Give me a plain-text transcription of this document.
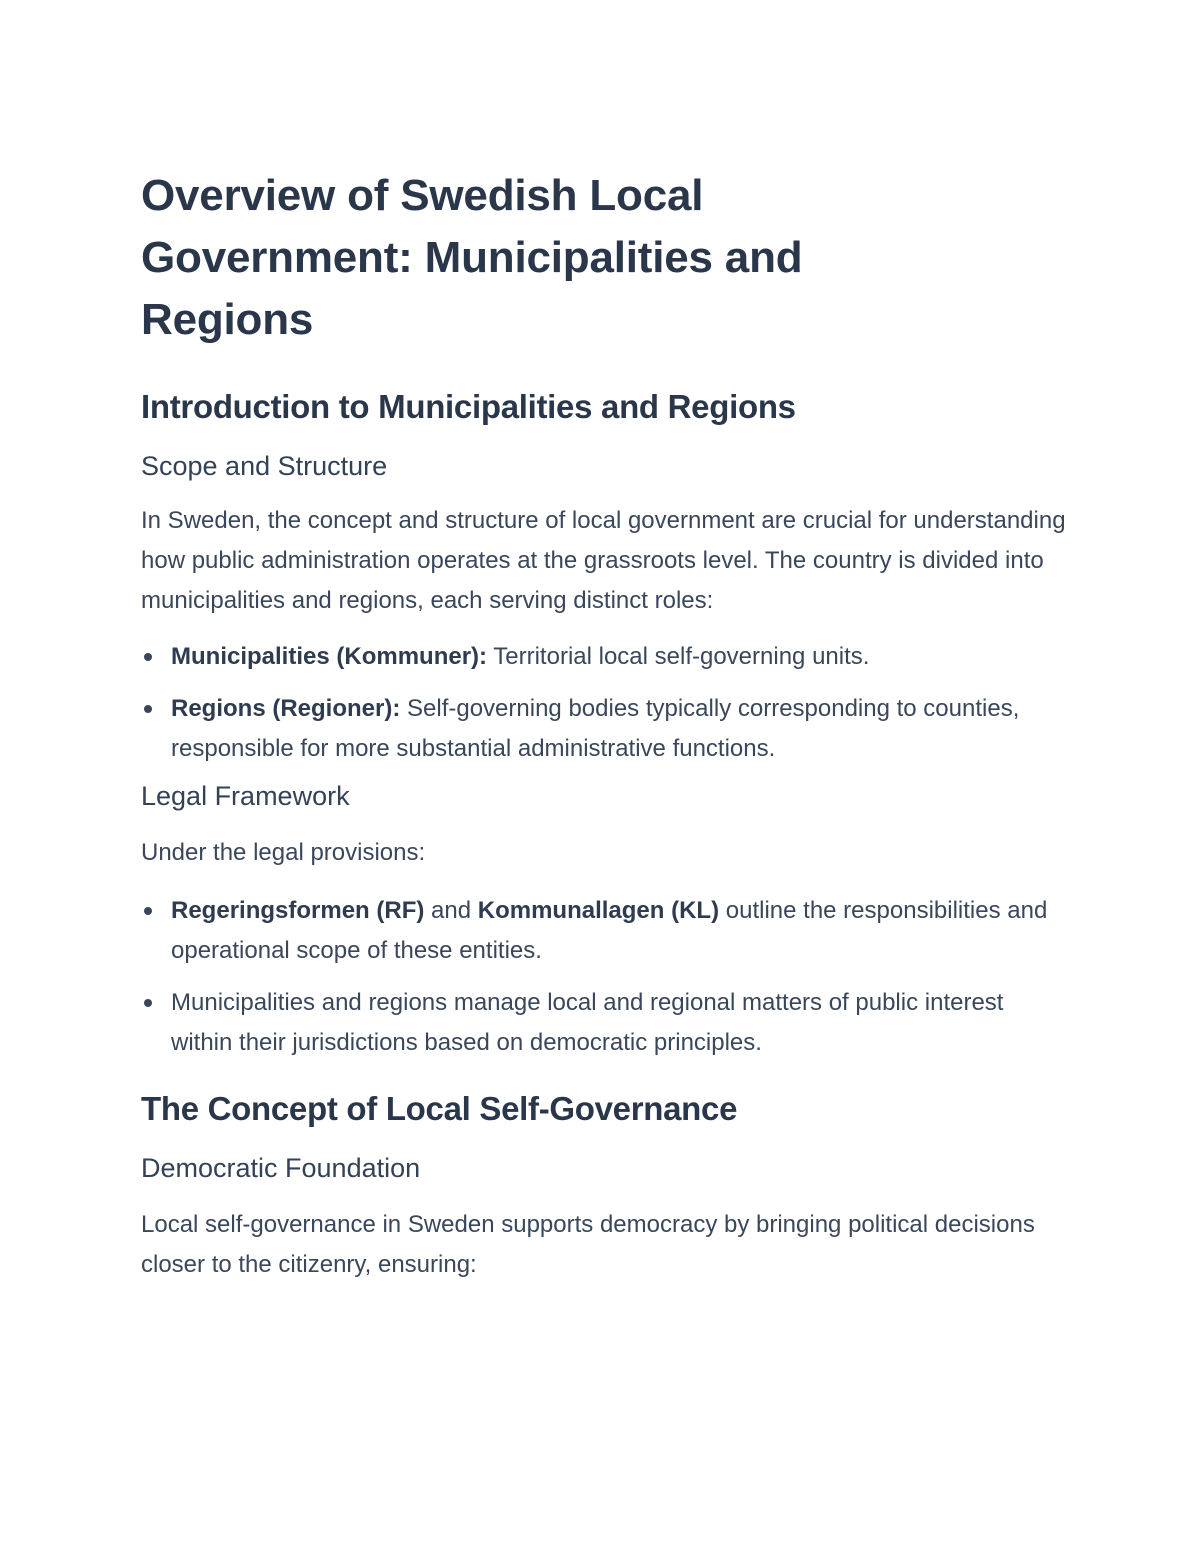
Overview of Swedish Local Government: Municipalities and Regions
Introduction to Municipalities and Regions
Scope and Structure

In Sweden, the concept and structure of local government are crucial for understanding how public administration operates at the grassroots level. The country is divided into municipalities and regions, each serving distinct roles:

Municipalities (Kommuner): Territorial local self-governing units.
Regions (Regioner): Self-governing bodies typically corresponding to counties, responsible for more substantial administrative functions.
Legal Framework

Under the legal provisions:

Regeringsformen (RF) and Kommunallagen (KL) outline the responsibilities and operational scope of these entities.
Municipalities and regions manage local and regional matters of public interest within their jurisdictions based on democratic principles.
The Concept of Local Self-Governance
Democratic Foundation

Local self-governance in Sweden supports democracy by bringing political decisions closer to the citizenry, ensuring:
